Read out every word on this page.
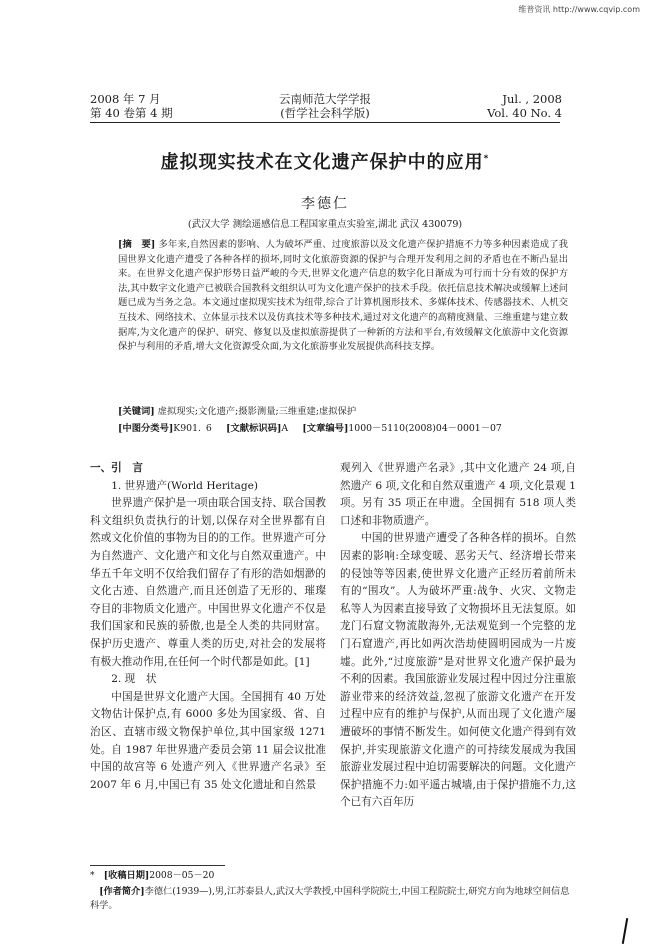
维普资讯 http://www.cqvip.com
2008 年 7 月
第 40 卷第 4 期
云南师范大学学报
(哲学社会科学版)
Jul. , 2008
Vol. 40 No. 4
虚拟现实技术在文化遗产保护中的应用*
李德仁
(武汉大学 测绘遥感信息工程国家重点实验室,湖北 武汉 430079)
[摘　要] 多年来,自然因素的影响、人为破坏严重、过度旅游以及文化遗产保护措施不力等多种因素造成了我国世界文化遗产遭受了各种各样的损坏,同时文化旅游资源的保护与合理开发利用之间的矛盾也在不断凸显出来。在世界文化遗产保护形势日益严峻的今天,世界文化遗产信息的数字化日渐成为可行而十分有效的保护方法,其中数字文化遗产已被联合国教科文组织认可为文化遗产保护的技术手段。依托信息技术解决或缓解上述问题已成为当务之急。本文通过虚拟现实技术为纽带,综合了计算机图形技术、多媒体技术、传感器技术、人机交互技术、网络技术、立体显示技术以及仿真技术等多种技术,通过对文化遗产的高精度测量、三维重建与建立数据库,为文化遗产的保护、研究、修复以及虚拟旅游提供了一种新的方法和平台,有效缓解文化旅游中文化资源保护与利用的矛盾,增大文化资源受众面,为文化旅游事业发展提供高科技支撑。
[关键词] 虚拟现实;文化遗产;摄影测量;三维重建;虚拟保护
[中图分类号]K901. 6　 [文献标识码]A　 [文章编号]1000－5110(2008)04－0001－07

一、引　言

1. 世界遗产(World Heritage)

世界遗产保护是一项由联合国支持、联合国教科文组织负责执行的计划,以保存对全世界都有自然或文化价值的事物为目的的工作。世界遗产可分为自然遗产、文化遗产和文化与自然双重遗产。中华五千年文明不仅给我们留存了有形的浩如烟渺的文化古迹、自然遗产,而且还创造了无形的、璀璨夺目的非物质文化遗产。中国世界文化遗产不仅是我们国家和民族的骄傲,也是全人类的共同财富。保护历史遗产、尊重人类的历史,对社会的发展将有极大推动作用,在任何一个时代都是如此。[1]

2. 现　状

中国是世界文化遗产大国。全国拥有 40 万处文物估计保护点,有 6000 多处为国家级、省、自治区、直辖市级文物保护单位,其中国家级 1271 处。自 1987 年世界遗产委员会第 11 届会议批准中国的故宫等 6 处遗产列入《世界遗产名录》至 2007 年 6 月,中国已有 35 处文化遗址和自然景

观列入《世界遗产名录》,其中文化遗产 24 项,自然遗产 6 项,文化和自然双重遗产 4 项,文化景观 1 项。另有 35 项正在申遗。全国拥有 518 项人类口述和非物质遗产。

中国的世界遗产遭受了各种各样的损坏。自然因素的影响:全球变暖、恶劣天气、经济增长带来的侵蚀等等因素,使世界文化遗产正经历着前所未有的“围攻”。人为破坏严重:战争、火灾、文物走私等人为因素直接导致了文物损坏且无法复原。如龙门石窟文物流散海外,无法观览到一个完整的龙门石窟遗产,再比如两次浩劫使圆明园成为一片废墟。此外,“过度旅游”是对世界文化遗产保护最为不利的因素。我国旅游业发展过程中因过分注重旅游业带来的经济效益,忽视了旅游文化遗产在开发过程中应有的维护与保护,从而出现了文化遗产屡遭破坏的事情不断发生。如何使文化遗产得到有效保护,并实现旅游文化遗产的可持续发展成为我国旅游业发展过程中迫切需要解决的问题。文化遗产保护措施不力:如平遥古城墙,由于保护措施不力,这个已有六百年历

*　 [收稿日期]2008－05－20
　[作者简介]李德仁(1939—),男,江苏泰县人,武汉大学教授,中国科学院院士,中国工程院院士,研究方向为地球空间信息科学。
